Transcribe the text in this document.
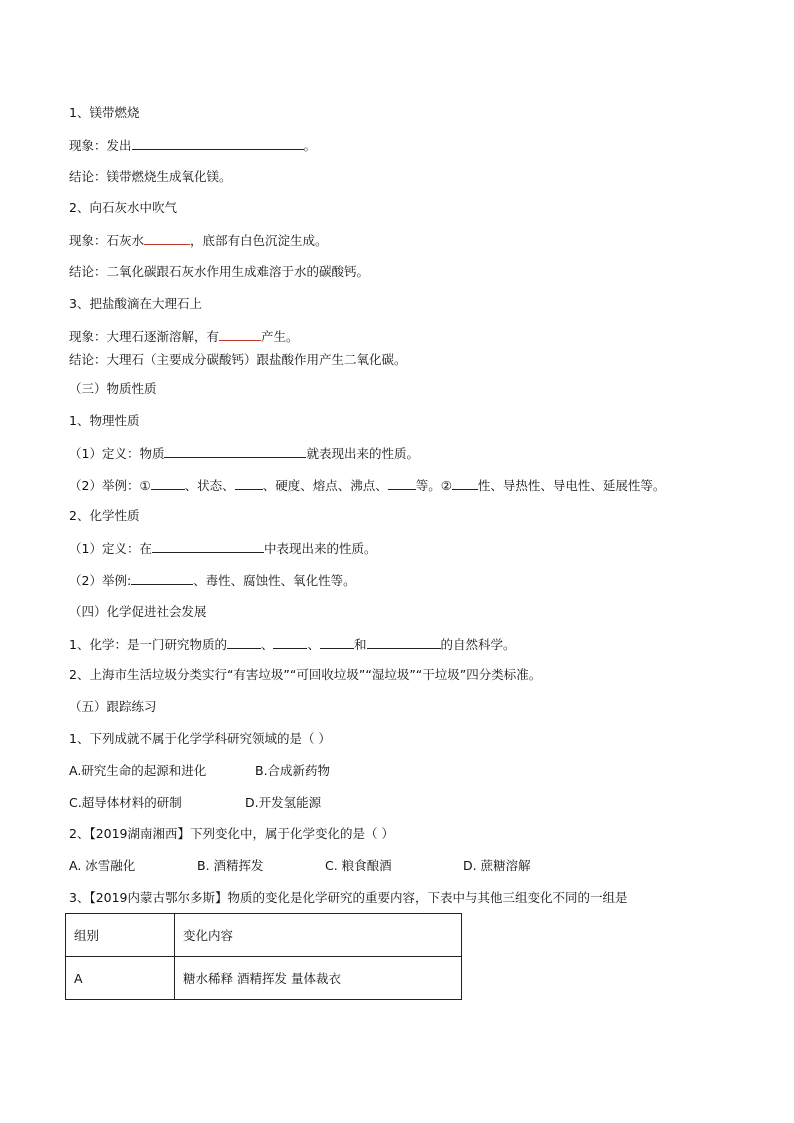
1、镁带燃烧
现象：发出	。
结论：镁带燃烧生成氧化镁。
2、向石灰水中吹气
现象：石灰水	，底部有白色沉淀生成。
结论：二氧化碳跟石灰水作用生成难溶于水的碳酸钙。
3、把盐酸滴在大理石上
现象：大理石逐渐溶解，有	产生。
结论：大理石（主要成分碳酸钙）跟盐酸作用产生二氧化碳。
（三）物质性质
1、物理性质
（1）定义：物质	就表现出来的性质。
（2）举例：①	、状态、 、硬度、熔点、沸点、 等。② 性、导热性、导电性、延展性等。
2、化学性质
（1）定义：在	中表现出来的性质。
（2）举例:	、毒性、腐蚀性、氧化性等。
（四）化学促进社会发展
1、化学：是一门研究物质的	、	、	和	的自然科学。
2、上海市生活垃圾分类实行“有害垃圾”“可回收垃圾”“湿垃圾”“干垃圾”四分类标准。
（五）跟踪练习
1、下列成就不属于化学学科研究领域的是（ ）
A.研究生命的起源和进化	B.合成新药物
C.超导体材料的研制	D.开发氢能源
2、【2019湖南湘西】下列变化中，属于化学变化的是（ ）
A. 冰雪融化	B. 酒精挥发	C. 粮食酿酒	D. 蔗糖溶解
3、【2019内蒙古鄂尔多斯】物质的变化是化学研究的重要内容，下表中与其他三组变化不同的一组是
组别	变化内容
A	糖水稀释 酒精挥发 量体裁衣
